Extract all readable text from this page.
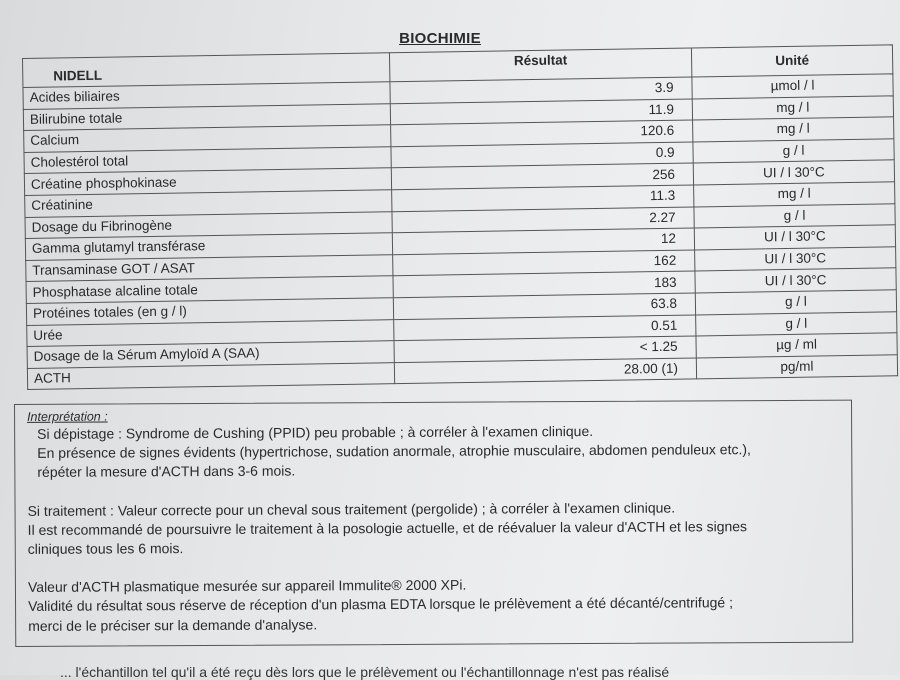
BIOCHIMIE
NIDELL	Résultat	Unité
Acides biliaires	3.9	µmol / l
Bilirubine totale	11.9	mg / l
Calcium	120.6	mg / l
Cholestérol total	0.9	g / l
Créatine phosphokinase	256	UI / l 30°C
Créatinine	11.3	mg / l
Dosage du Fibrinogène	2.27	g / l
Gamma glutamyl transférase	12	UI / l 30°C
Transaminase GOT / ASAT	162	UI / l 30°C
Phosphatase alcaline totale	183	UI / l 30°C
Protéines totales (en g / l)	63.8	g / l
Urée	0.51	g / l
Dosage de la Sérum Amyloïd A (SAA)	< 1.25	µg / ml
ACTH	28.00 (1)	pg/ml
Interprétation :
Si dépistage : Syndrome de Cushing (PPID) peu probable ; à corréler à l'examen clinique.
En présence de signes évidents (hypertrichose, sudation anormale, atrophie musculaire, abdomen penduleux etc.),
répéter la mesure d'ACTH dans 3-6 mois.
Si traitement : Valeur correcte pour un cheval sous traitement (pergolide) ; à corréler à l'examen clinique.
Il est recommandé de poursuivre le traitement à la posologie actuelle, et de réévaluer la valeur d'ACTH et les signes
cliniques tous les 6 mois.
Valeur d'ACTH plasmatique mesurée sur appareil Immulite® 2000 XPi.
Validité du résultat sous réserve de réception d'un plasma EDTA lorsque le prélèvement a été décanté/centrifugé ;
merci de le préciser sur la demande d'analyse.
... l'échantillon tel qu'il a été reçu dès lors que le prélèvement ou l'échantillonnage n'est pas réalisé
